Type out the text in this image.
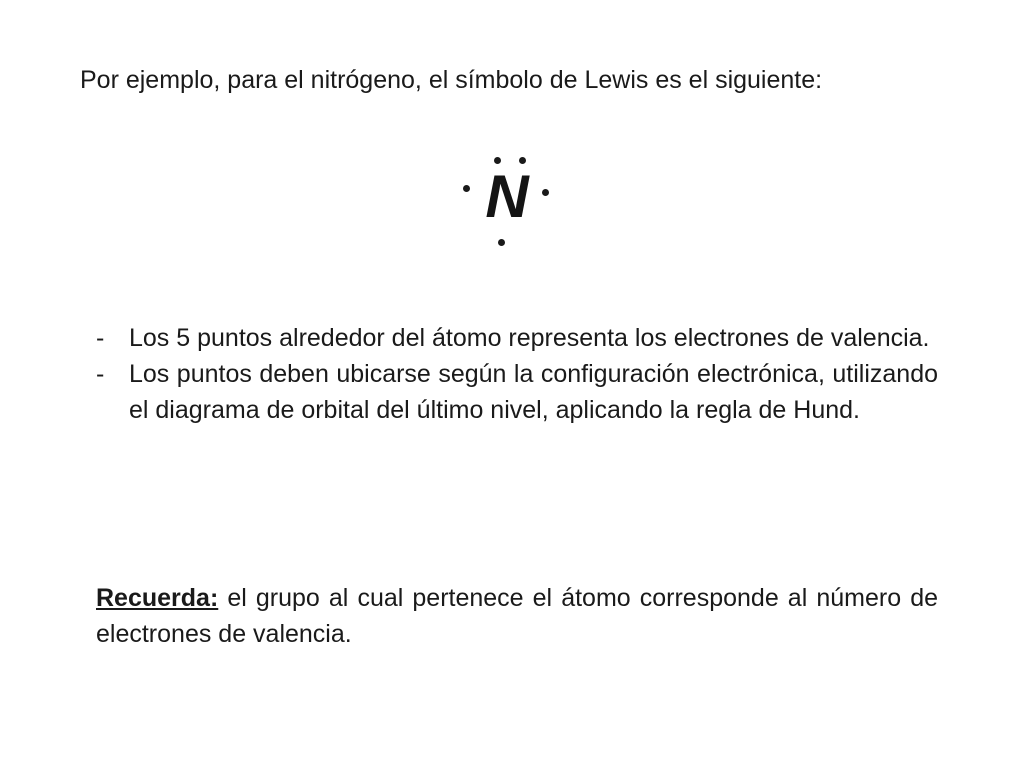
Por ejemplo, para el nitrógeno, el símbolo de Lewis es el siguiente:
N
- Los 5 puntos alrededor del átomo representa los electrones de valencia.
- Los puntos deben ubicarse según la configuración electrónica, utilizando el diagrama de orbital del último nivel, aplicando la regla de Hund.

Recuerda: el grupo al cual pertenece el átomo corresponde al número de electrones de valencia.
